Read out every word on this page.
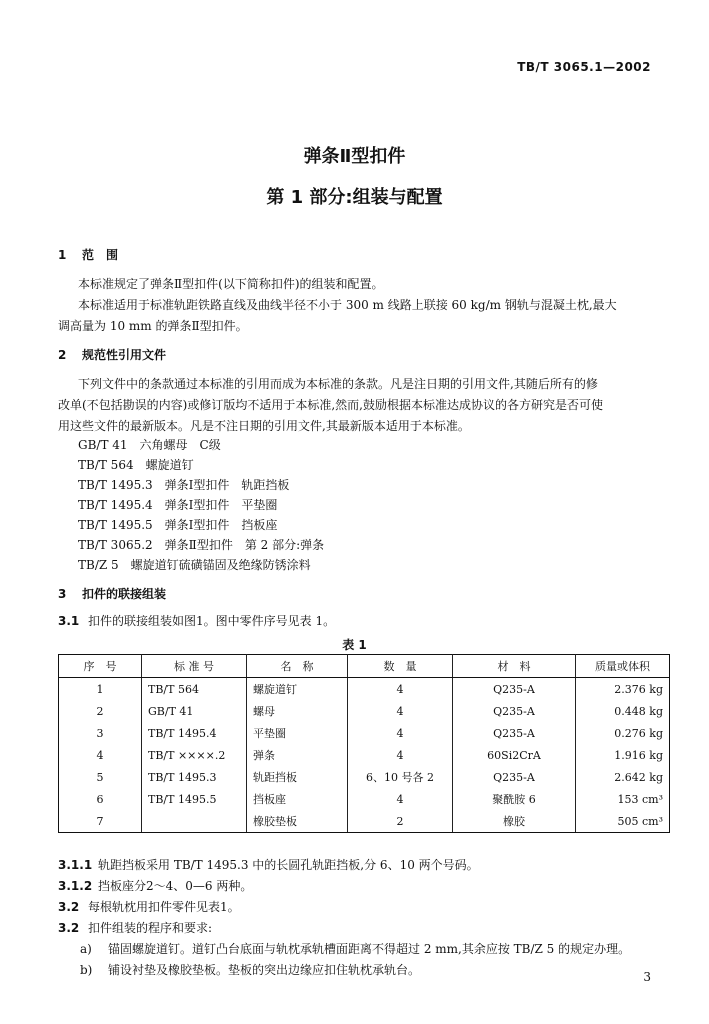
TB/T 3065.1—2002
弹条Ⅱ型扣件
第 1 部分:组装与配置
1 范　围
本标准规定了弹条Ⅱ型扣件(以下简称扣件)的组装和配置。
本标准适用于标准轨距铁路直线及曲线半径不小于 300 m 线路上联接 60 kg/m 钢轨与混凝土枕,最大
调高量为 10 mm 的弹条Ⅱ型扣件。
2 规范性引用文件
下列文件中的条款通过本标准的引用而成为本标准的条款。凡是注日期的引用文件,其随后所有的修
改单(不包括勘误的内容)或修订版均不适用于本标准,然而,鼓励根据本标准达成协议的各方研究是否可使
用这些文件的最新版本。凡是不注日期的引用文件,其最新版本适用于本标准。
GB/T 41　六角螺母　C级
TB/T 564　螺旋道钉
TB/T 1495.3　弹条Ⅰ型扣件　轨距挡板
TB/T 1495.4　弹条Ⅰ型扣件　平垫圈
TB/T 1495.5　弹条Ⅰ型扣件　挡板座
TB/T 3065.2　弹条Ⅱ型扣件　第 2 部分:弹条
TB/Z 5　螺旋道钉硫磺锚固及绝缘防锈涂料
3 扣件的联接组装
3.1 扣件的联接组装如图1。图中零件序号见表 1。
表 1
序　号	标 准 号	名　称	数　量	材　料	质量或体积
1	TB/T 564	螺旋道钉	4	Q235-A	2.376 kg
2	GB/T 41	螺母	4	Q235-A	0.448 kg
3	TB/T 1495.4	平垫圈	4	Q235-A	0.276 kg
4	TB/T ××××.2	弹条	4	60Si2CrA	1.916 kg
5	TB/T 1495.3	轨距挡板	6、10 号各 2	Q235-A	2.642 kg
6	TB/T 1495.5	挡板座	4	聚酰胺 6	153 cm³
7		橡胶垫板	2	橡胶	505 cm³
3.1.1 轨距挡板采用 TB/T 1495.3 中的长圆孔轨距挡板,分 6、10 两个号码。
3.1.2 挡板座分2～4、0—6 两种。
3.2 每根轨枕用扣件零件见表1。
3.2 扣件组装的程序和要求:
a) 锚固螺旋道钉。道钉凸台底面与轨枕承轨槽面距离不得超过 2 mm,其余应按 TB/Z 5 的规定办理。
b) 铺设衬垫及橡胶垫板。垫板的突出边缘应扣住轨枕承轨台。	3
